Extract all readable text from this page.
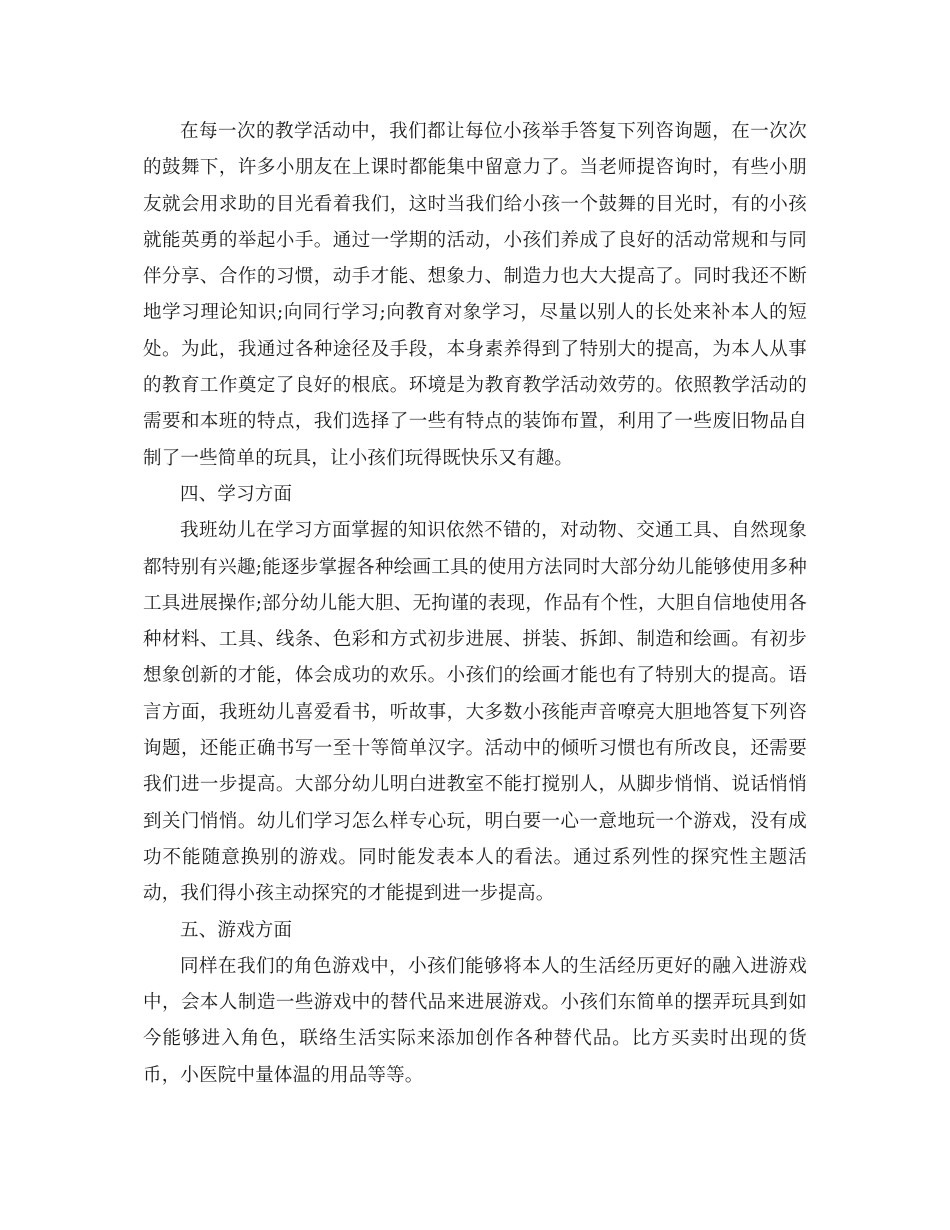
在每一次的教学活动中，我们都让每位小孩举手答复下列咨询题，在一次次的鼓舞下，许多小朋友在上课时都能集中留意力了。当老师提咨询时，有些小朋友就会用求助的目光看着我们，这时当我们给小孩一个鼓舞的目光时，有的小孩就能英勇的举起小手。通过一学期的活动，小孩们养成了良好的活动常规和与同伴分享、合作的习惯，动手才能、想象力、制造力也大大提高了。同时我还不断地学习理论知识;向同行学习;向教育对象学习，尽量以别人的长处来补本人的短处。为此，我通过各种途径及手段，本身素养得到了特别大的提高，为本人从事的教育工作奠定了良好的根底。环境是为教育教学活动效劳的。依照教学活动的需要和本班的特点，我们选择了一些有特点的装饰布置，利用了一些废旧物品自制了一些简单的玩具，让小孩们玩得既快乐又有趣。

四、学习方面

我班幼儿在学习方面掌握的知识依然不错的，对动物、交通工具、自然现象都特别有兴趣;能逐步掌握各种绘画工具的使用方法同时大部分幼儿能够使用多种工具进展操作;部分幼儿能大胆、无拘谨的表现，作品有个性，大胆自信地使用各种材料、工具、线条、色彩和方式初步进展、拼装、拆卸、制造和绘画。有初步想象创新的才能，体会成功的欢乐。小孩们的绘画才能也有了特别大的提高。语言方面，我班幼儿喜爱看书，听故事，大多数小孩能声音嘹亮大胆地答复下列咨询题，还能正确书写一至十等简单汉字。活动中的倾听习惯也有所改良，还需要我们进一步提高。大部分幼儿明白进教室不能打搅别人，从脚步悄悄、说话悄悄到关门悄悄。幼儿们学习怎么样专心玩，明白要一心一意地玩一个游戏，没有成功不能随意换别的游戏。同时能发表本人的看法。通过系列性的探究性主题活动，我们得小孩主动探究的才能提到进一步提高。

五、游戏方面

同样在我们的角色游戏中，小孩们能够将本人的生活经历更好的融入进游戏中，会本人制造一些游戏中的替代品来进展游戏。小孩们东简单的摆弄玩具到如今能够进入角色，联络生活实际来添加创作各种替代品。比方买卖时出现的货币，小医院中量体温的用品等等。
